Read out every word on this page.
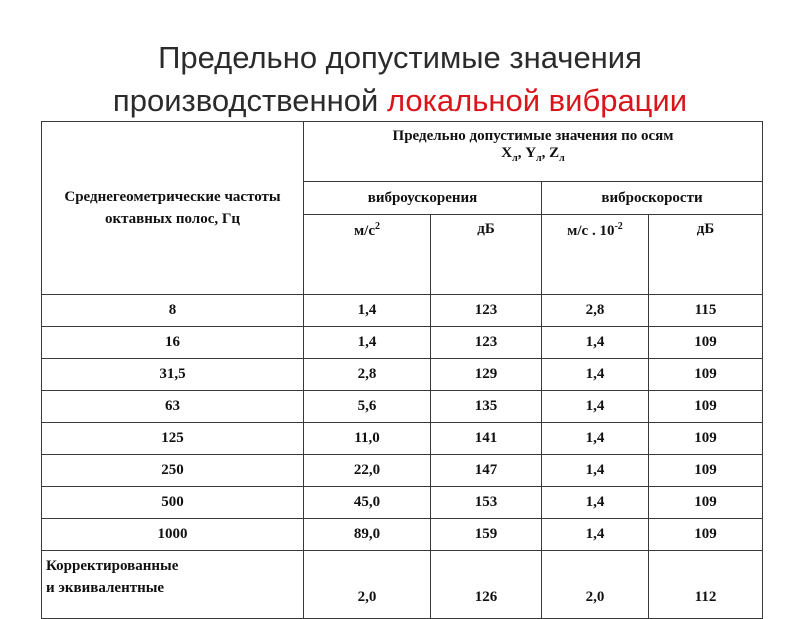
Предельно допустимые значения
производственной локальной вибрации
Среднегеометрические частоты октавных полос, Гц	Предельно допустимые значения по осям
$X_л$, $Y_л$, $Z_л$

	виброускорения		виброскорости	
	$м/с^2$	дБ	м/с . $10^{-2}$	дБ
8	1,4	123	2,8	115
16	1,4	123	1,4	109
31,5	2,8	129	1,4	109
63	5,6	135	1,4	109
125	11,0	141	1,4	109
250	22,0	147	1,4	109
500	45,0	153	1,4	109
1000	89,0	159	1,4	109

Корректированные
и эквивалентные	2,0	126	2,0	112
